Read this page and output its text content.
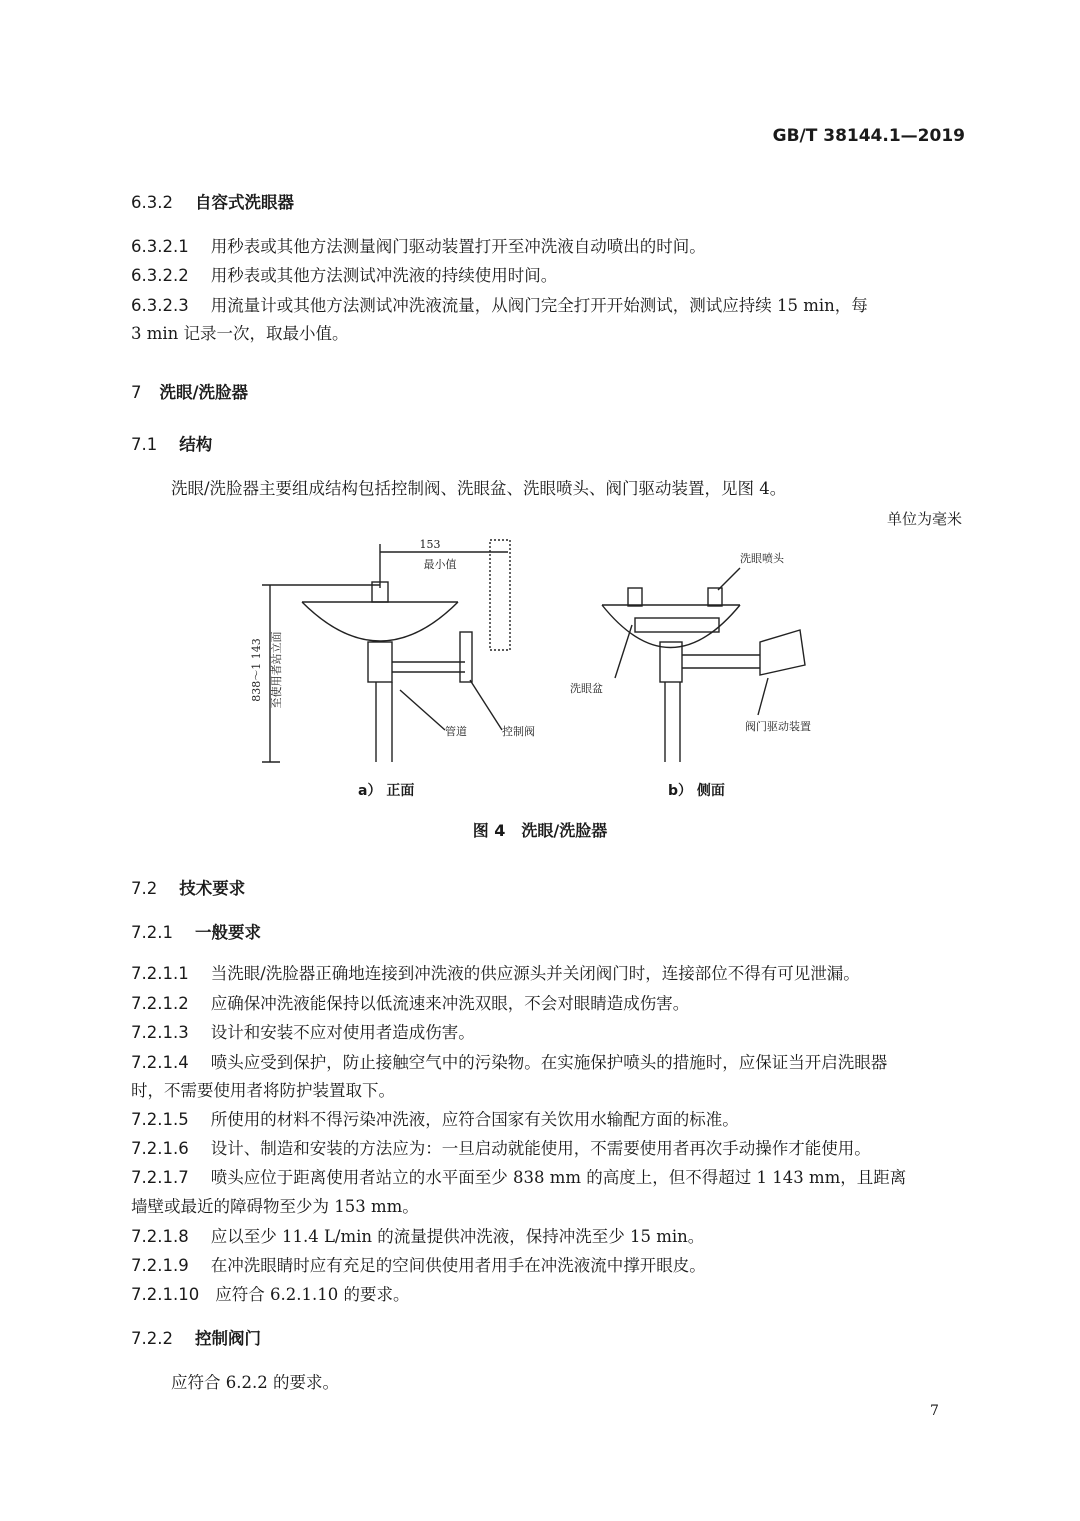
GB/T 38144.1—2019
6.3.2 自容式洗眼器
6.3.2.1 用秒表或其他方法测量阀门驱动装置打开至冲洗液自动喷出的时间。
6.3.2.2 用秒表或其他方法测试冲洗液的持续使用时间。
6.3.2.3 用流量计或其他方法测试冲洗液流量，从阀门完全打开开始测试，测试应持续 15 min，每
3 min 记录一次，取最小值。
7 洗眼/洗脸器
7.1 结构
洗眼/洗脸器主要组成结构包括控制阀、洗眼盆、洗眼喷头、阀门驱动装置，见图 4。
单位为毫米
153
最小值
838～1 143 至使用者站立面
管道	控制阀
洗眼喷头
洗眼盆
阀门驱动装置
a） 正面	b） 侧面
图 4　洗眼/洗脸器
7.2 技术要求
7.2.1 一般要求
7.2.1.1 当洗眼/洗脸器正确地连接到冲洗液的供应源头并关闭阀门时，连接部位不得有可见泄漏。
7.2.1.2 应确保冲洗液能保持以低流速来冲洗双眼，不会对眼睛造成伤害。
7.2.1.3 设计和安装不应对使用者造成伤害。
7.2.1.4 喷头应受到保护，防止接触空气中的污染物。在实施保护喷头的措施时，应保证当开启洗眼器
时，不需要使用者将防护装置取下。
7.2.1.5 所使用的材料不得污染冲洗液，应符合国家有关饮用水输配方面的标准。
7.2.1.6 设计、制造和安装的方法应为：一旦启动就能使用，不需要使用者再次手动操作才能使用。
7.2.1.7 喷头应位于距离使用者站立的水平面至少 838 mm 的高度上，但不得超过 1 143 mm，且距离
墙壁或最近的障碍物至少为 153 mm。
7.2.1.8 应以至少 11.4 L/min 的流量提供冲洗液，保持冲洗至少 15 min。
7.2.1.9 在冲洗眼睛时应有充足的空间供使用者用手在冲洗液流中撑开眼皮。
7.2.1.10 应符合 6.2.1.10 的要求。
7.2.2 控制阀门
应符合 6.2.2 的要求。
7
